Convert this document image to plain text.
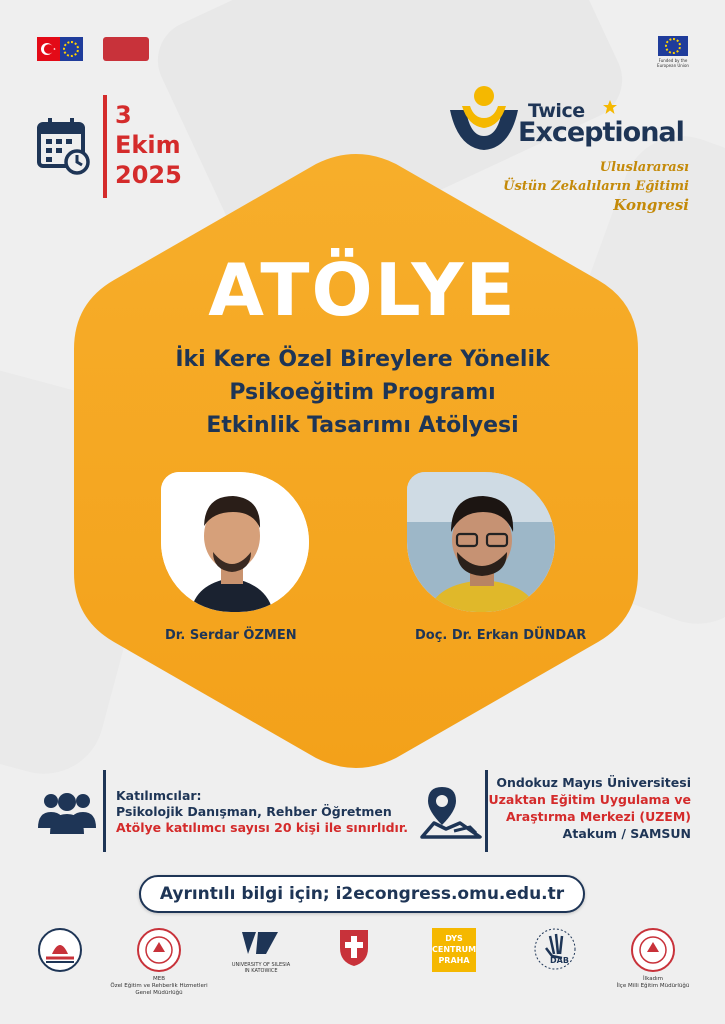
Funded by the European Union
3
Ekim
2025
Twice
Exceptional
Uluslararası
Üstün Zekalıların Eğitimi
Kongresi
ATÖLYE
İki Kere Özel Bireylere Yönelik
Psikoeğitim Programı
Etkinlik Tasarımı Atölyesi
Dr. Serdar ÖZMEN	Doç. Dr. Erkan DÜNDAR
Katılımcılar:
Psikolojik Danışman, Rehber Öğretmen
Atölye katılımcı sayısı 20 kişi ile sınırlıdır.
Ondokuz Mayıs Üniversitesi
Uzaktan Eğitim Uygulama ve
Araştırma Merkezi (UZEM)
Atakum / SAMSUN
Ayrıntılı bilgi için; i2econgress.omu.edu.tr
MEB
Özel Eğitim ve Rehberlik Hizmetleri
Genel Müdürlüğü
UNIVERSITY OF SILESIA
IN KATOWICE
DYS
CENTRUM
PRAHA	DAB
İlkadım
İlçe Milli Eğitim Müdürlüğü
